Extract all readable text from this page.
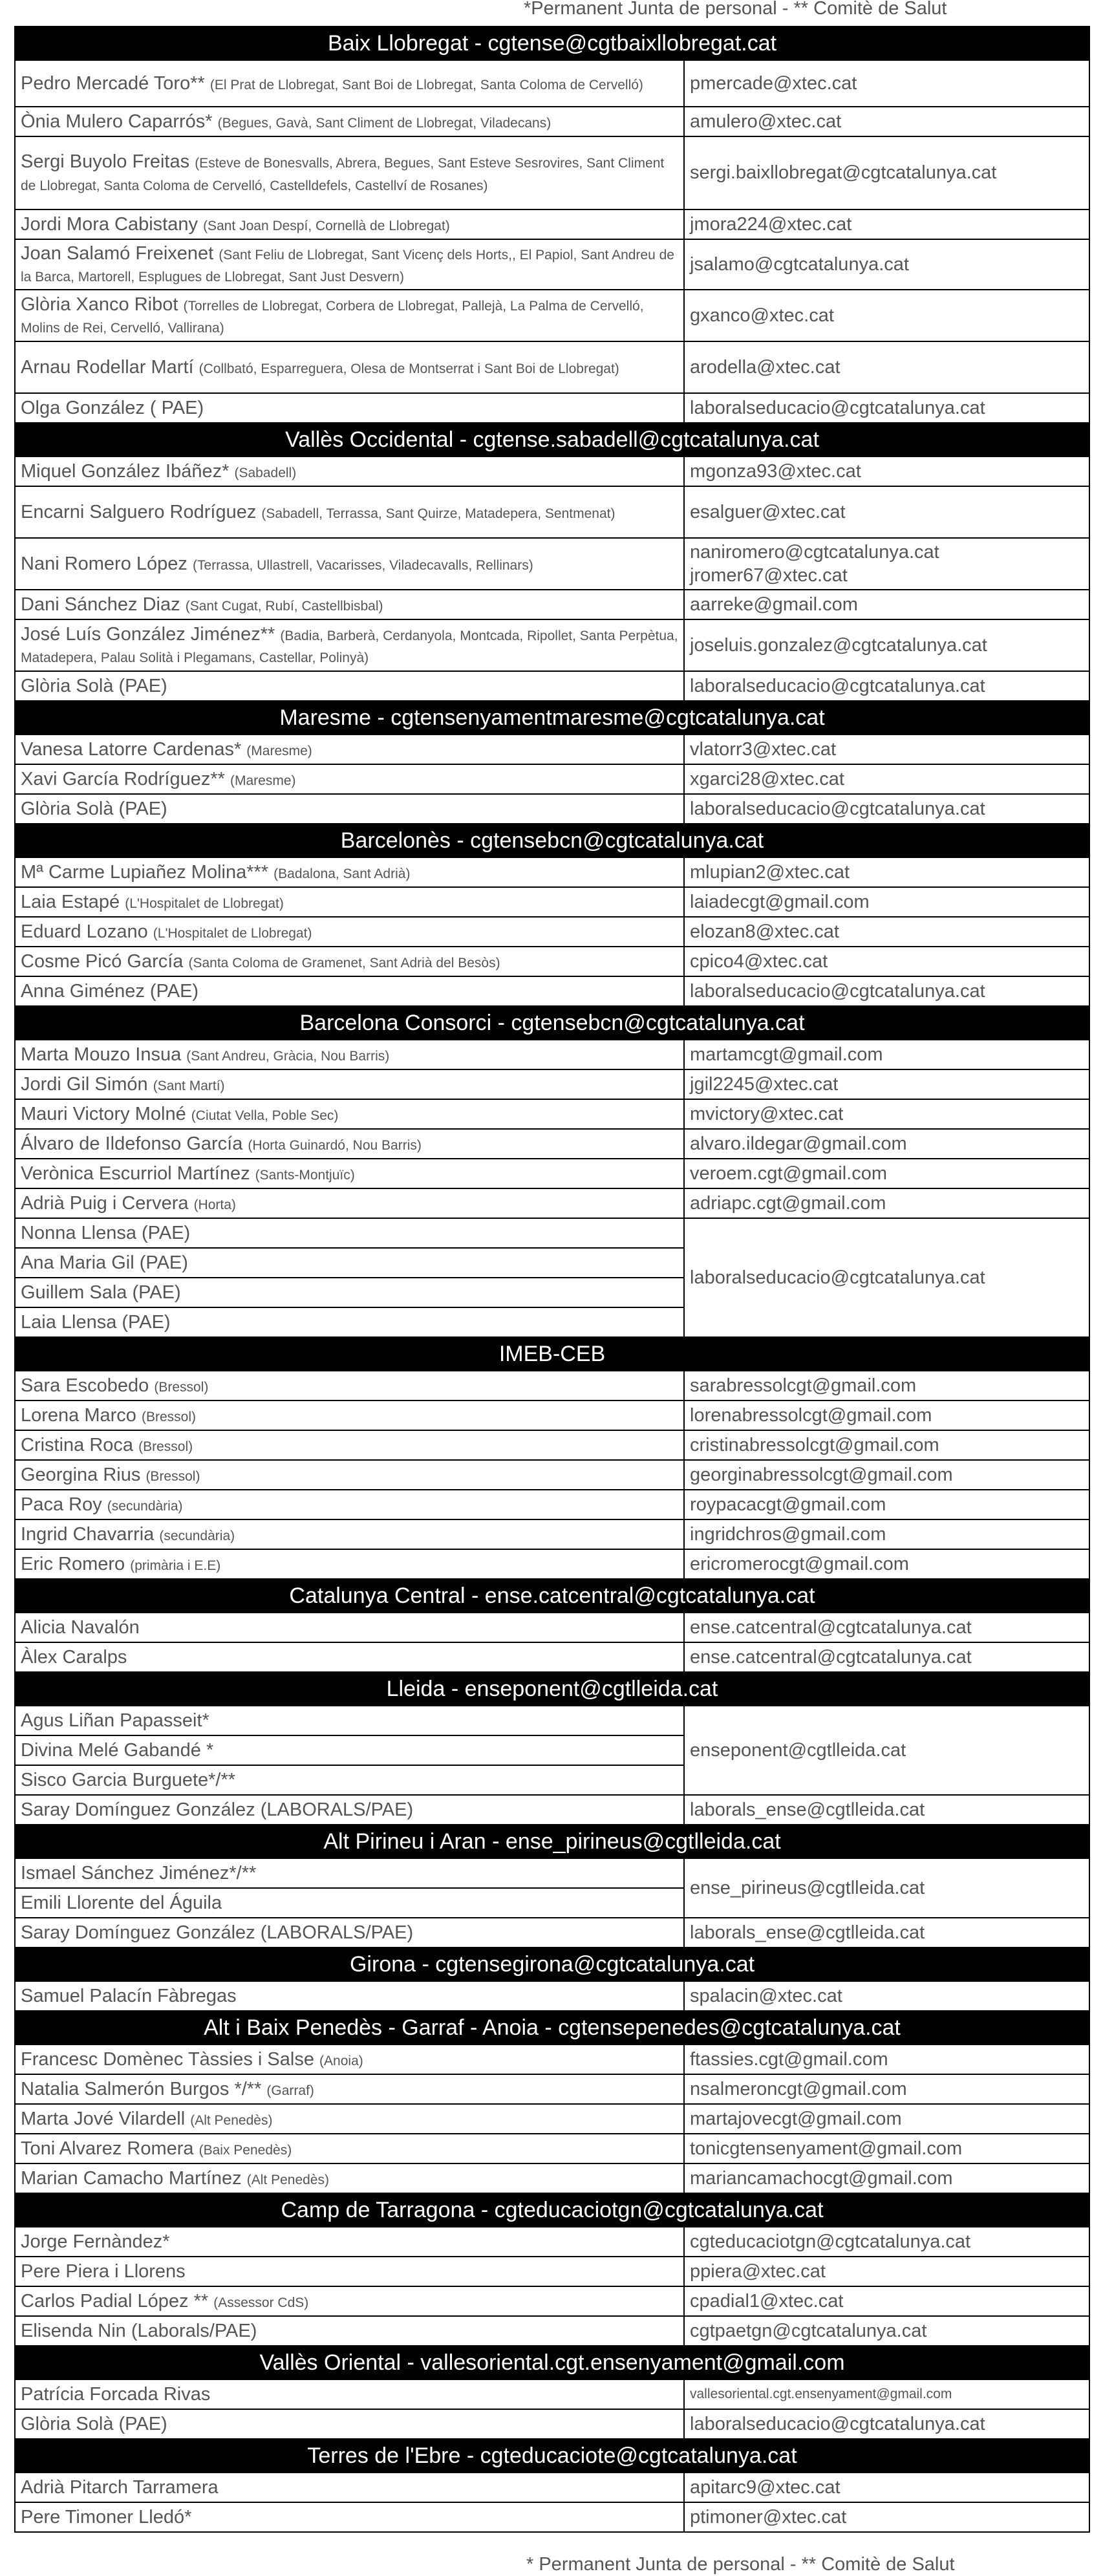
*Permanent Junta de personal - ** Comitè de Salut
Baix Llobregat - cgtense@cgtbaixllobregat.cat	
Pedro Mercadé Toro** (El Prat de Llobregat, Sant Boi de Llobregat, Santa Coloma de Cervelló)	pmercade@xtec.cat

Ònia Mulero Caparrós* (Begues, Gavà, Sant Climent de Llobregat, Viladecans)	amulero@xtec.cat

Sergi Buyolo Freitas (Esteve de Bonesvalls, Abrera, Begues, Sant Esteve Sesrovires, Sant Climent de Llobregat, Santa Coloma de Cervelló, Castelldefels, Castellví de Rosanes)	sergi.baixllobregat@cgtcatalunya.cat

Jordi Mora Cabistany (Sant Joan Despí, Cornellà de Llobregat)	jmora224@xtec.cat

Joan Salamó Freixenet (Sant Feliu de Llobregat, Sant Vicenç dels Horts,, El Papiol, Sant Andreu de la Barca, Martorell, Esplugues de Llobregat, Sant Just Desvern)	jsalamo@cgtcatalunya.cat

Glòria Xanco Ribot (Torrelles de Llobregat, Corbera de Llobregat, Pallejà, La Palma de Cervelló, Molins de Rei, Cervelló, Vallirana)	gxanco@xtec.cat

Arnau Rodellar Martí (Collbató, Esparreguera, Olesa de Montserrat i Sant Boi de Llobregat)	arodella@xtec.cat

Olga González ( PAE)	laboralseducacio@cgtcatalunya.cat

Vallès Occidental - cgtense.sabadell@cgtcatalunya.cat	
Miquel González Ibáñez* (Sabadell)	mgonza93@xtec.cat

Encarni Salguero Rodríguez (Sabadell, Terrassa, Sant Quirze, Matadepera, Sentmenat)	esalguer@xtec.cat

Nani Romero López (Terrassa, Ullastrell, Vacarisses, Viladecavalls, Rellinars)	naniromero@cgtcatalunya.cat
jromer67@xtec.cat

Dani Sánchez Diaz (Sant Cugat, Rubí, Castellbisbal)	aarreke@gmail.com

José Luís González Jiménez** (Badia, Barberà, Cerdanyola, Montcada, Ripollet, Santa Perpètua, Matadepera, Palau Solità i Plegamans, Castellar, Polinyà)	joseluis.gonzalez@cgtcatalunya.cat

Glòria Solà (PAE)	laboralseducacio@cgtcatalunya.cat

Maresme - cgtensenyamentmaresme@cgtcatalunya.cat	
Vanesa Latorre Cardenas* (Maresme)	vlatorr3@xtec.cat

Xavi García Rodríguez** (Maresme)	xgarci28@xtec.cat

Glòria Solà (PAE)	laboralseducacio@cgtcatalunya.cat

Barcelonès - cgtensebcn@cgtcatalunya.cat	
Mª Carme Lupiañez Molina*** (Badalona, Sant Adrià)	mlupian2@xtec.cat

Laia Estapé (L'Hospitalet de Llobregat)	laiadecgt@gmail.com

Eduard Lozano (L'Hospitalet de Llobregat)	elozan8@xtec.cat

Cosme Picó García (Santa Coloma de Gramenet, Sant Adrià del Besòs)	cpico4@xtec.cat

Anna Giménez (PAE)	laboralseducacio@cgtcatalunya.cat

Barcelona Consorci - cgtensebcn@cgtcatalunya.cat	
Marta Mouzo Insua (Sant Andreu, Gràcia, Nou Barris)	martamcgt@gmail.com

Jordi Gil Simón (Sant Martí)	jgil2245@xtec.cat

Mauri Victory Molné (Ciutat Vella, Poble Sec)	mvictory@xtec.cat

Álvaro de Ildefonso García (Horta Guinardó, Nou Barris)	alvaro.ildegar@gmail.com

Verònica Escurriol Martínez (Sants-Montjuïc)	veroem.cgt@gmail.com

Adrià Puig i Cervera (Horta)	adriapc.cgt@gmail.com

Nonna Llensa (PAE)	laboralseducacio@cgtcatalunya.cat

Ana Maria Gil (PAE)	
Guillem Sala (PAE)	
Laia Llensa (PAE)	
IMEB-CEB	
Sara Escobedo (Bressol)	sarabressolcgt@gmail.com

Lorena Marco (Bressol)	lorenabressolcgt@gmail.com

Cristina Roca (Bressol)	cristinabressolcgt@gmail.com

Georgina Rius (Bressol)	georginabressolcgt@gmail.com

Paca Roy (secundària)	roypacacgt@gmail.com

Ingrid Chavarria (secundària)	ingridchros@gmail.com

Eric Romero (primària i E.E)	ericromerocgt@gmail.com

Catalunya Central - ense.catcentral@cgtcatalunya.cat	
Alicia Navalón	ense.catcentral@cgtcatalunya.cat

Àlex Caralps	ense.catcentral@cgtcatalunya.cat

Lleida - enseponent@cgtlleida.cat	
Agus Liñan Papasseit*	enseponent@cgtlleida.cat

Divina Melé Gabandé *	
Sisco Garcia Burguete*/**	
Saray Domínguez González (LABORALS/PAE)	laborals_ense@cgtlleida.cat

Alt Pirineu i Aran - ense_pirineus@cgtlleida.cat	
Ismael Sánchez Jiménez*/**	ense_pirineus@cgtlleida.cat

Emili Llorente del Águila	
Saray Domínguez González (LABORALS/PAE)	laborals_ense@cgtlleida.cat

Girona - cgtensegirona@cgtcatalunya.cat	
Samuel Palacín Fàbregas	spalacin@xtec.cat

Alt i Baix Penedès - Garraf - Anoia - cgtensepenedes@cgtcatalunya.cat	
Francesc Domènec Tàssies i Salse (Anoia)	ftassies.cgt@gmail.com

Natalia Salmerón Burgos */** (Garraf)	nsalmeroncgt@gmail.com

Marta Jové Vilardell (Alt Penedès)	martajovecgt@gmail.com

Toni Alvarez Romera (Baix Penedès)	tonicgtensenyament@gmail.com

Marian Camacho Martínez (Alt Penedès)	mariancamachocgt@gmail.com

Camp de Tarragona - cgteducaciotgn@cgtcatalunya.cat	
Jorge Fernàndez*	cgteducaciotgn@cgtcatalunya.cat

Pere Piera i Llorens	ppiera@xtec.cat

Carlos Padial López ** (Assessor CdS)	cpadial1@xtec.cat

Elisenda Nin (Laborals/PAE)	cgtpaetgn@cgtcatalunya.cat

Vallès Oriental - vallesoriental.cgt.ensenyament@gmail.com	
Patrícia Forcada Rivas	vallesoriental.cgt.ensenyament@gmail.com

Glòria Solà (PAE)	laboralseducacio@cgtcatalunya.cat

Terres de l'Ebre - cgteducaciote@cgtcatalunya.cat	
Adrià Pitarch Tarramera	apitarc9@xtec.cat

Pere Timoner Lledó*	ptimoner@xtec.cat
* Permanent Junta de personal - ** Comitè de Salut
